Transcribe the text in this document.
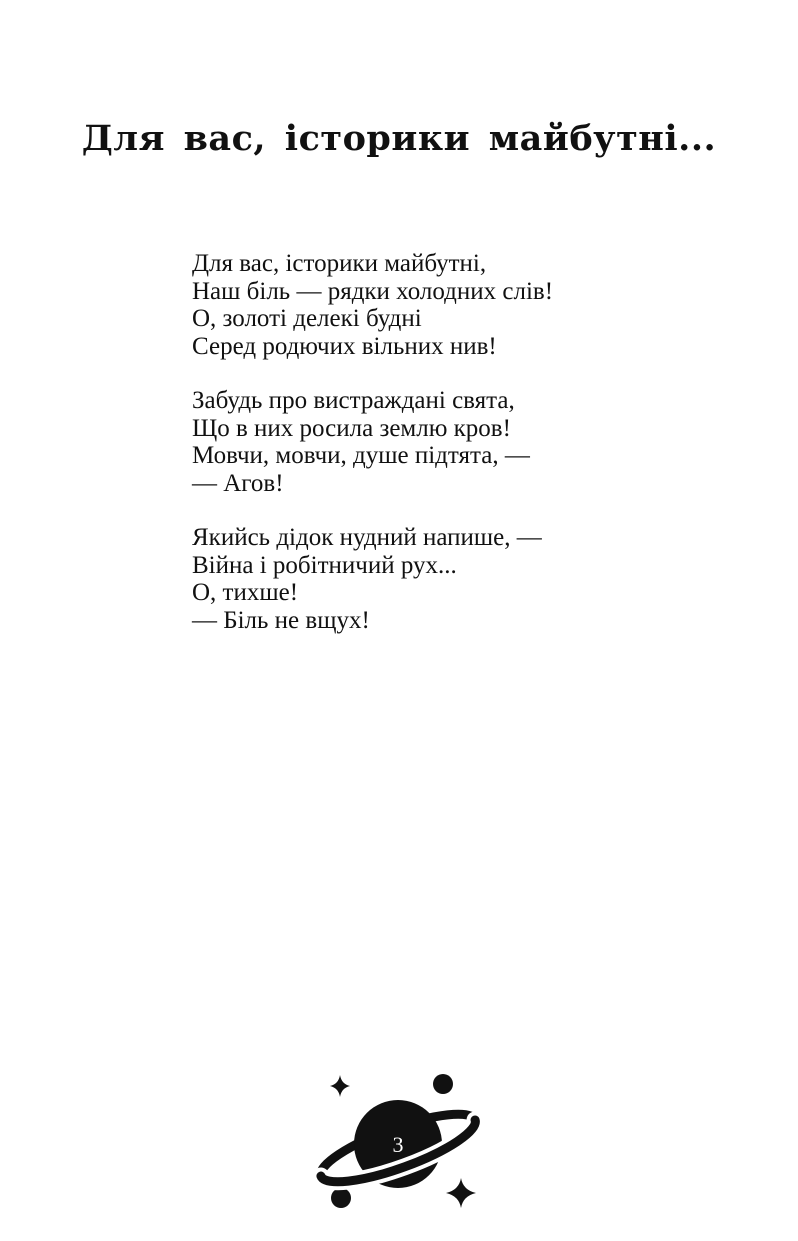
Для вас, історики майбутні...
Для вас, історики майбутні,
Наш біль — рядки холодних слів!
О, золоті делекі будні
Серед родючих вільних нив!
Забудь про вистраждані свята,
Що в них росила землю кров!
Мовчи, мовчи, душе підтята, —
— Агов!
Якийсь дідок нудний напише, —
Війна і робітничий рух...
О, тихше!
— Біль не вщух!
3
